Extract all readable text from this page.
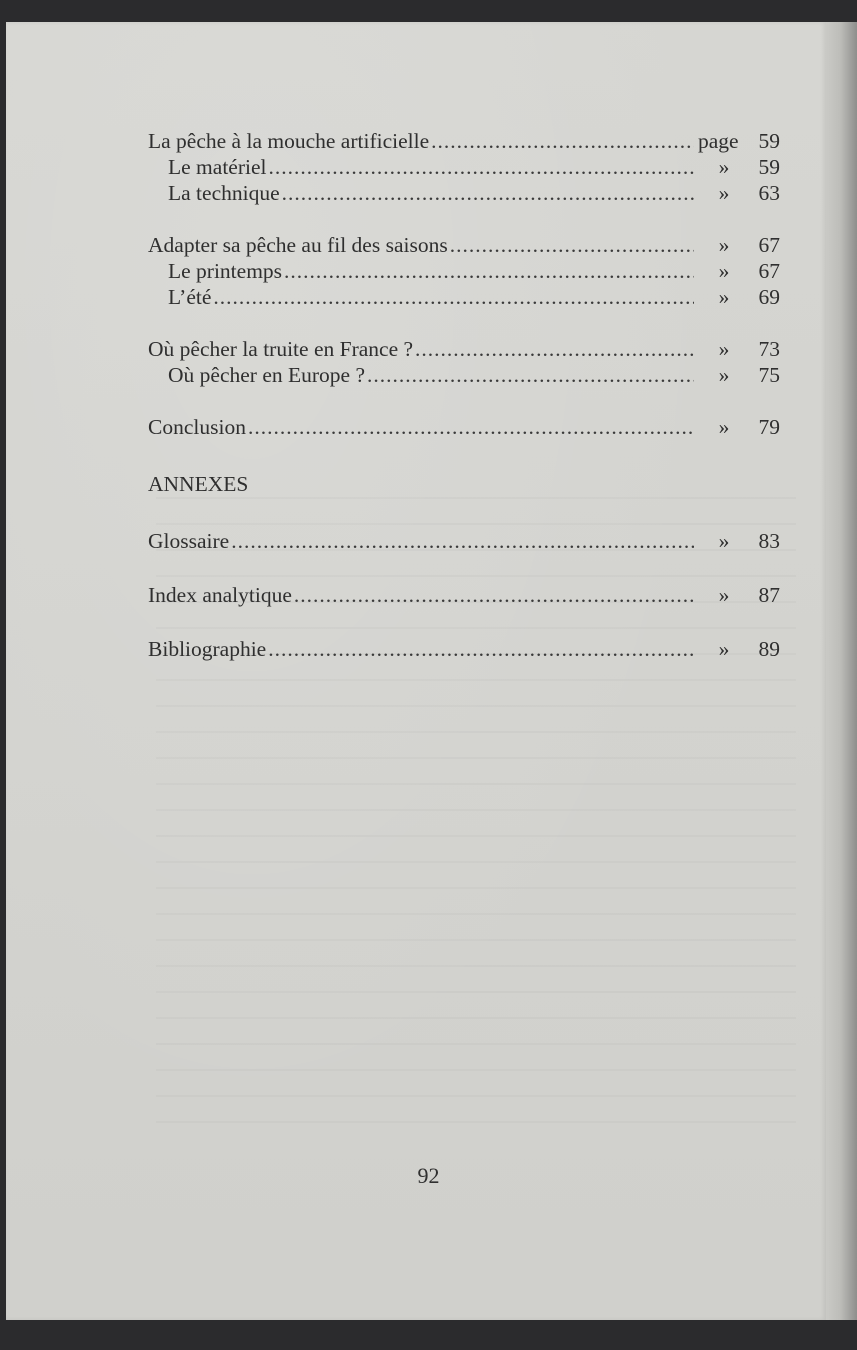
La pêche à la mouche artificielle .....	page 59
Le matériel .....	»	59
La technique .....	»	63
Adapter sa pêche au fil des saisons .....	»	67
Le printemps .....	»	67
L’été .....	»	69
Où pêcher la truite en France ? .....	»	73
Où pêcher en Europe ? .....	»	75
Conclusion .....	»	79
ANNEXES
Glossaire .....	»	83
Index analytique .....	»	87
Bibliographie .....	»	89
92
